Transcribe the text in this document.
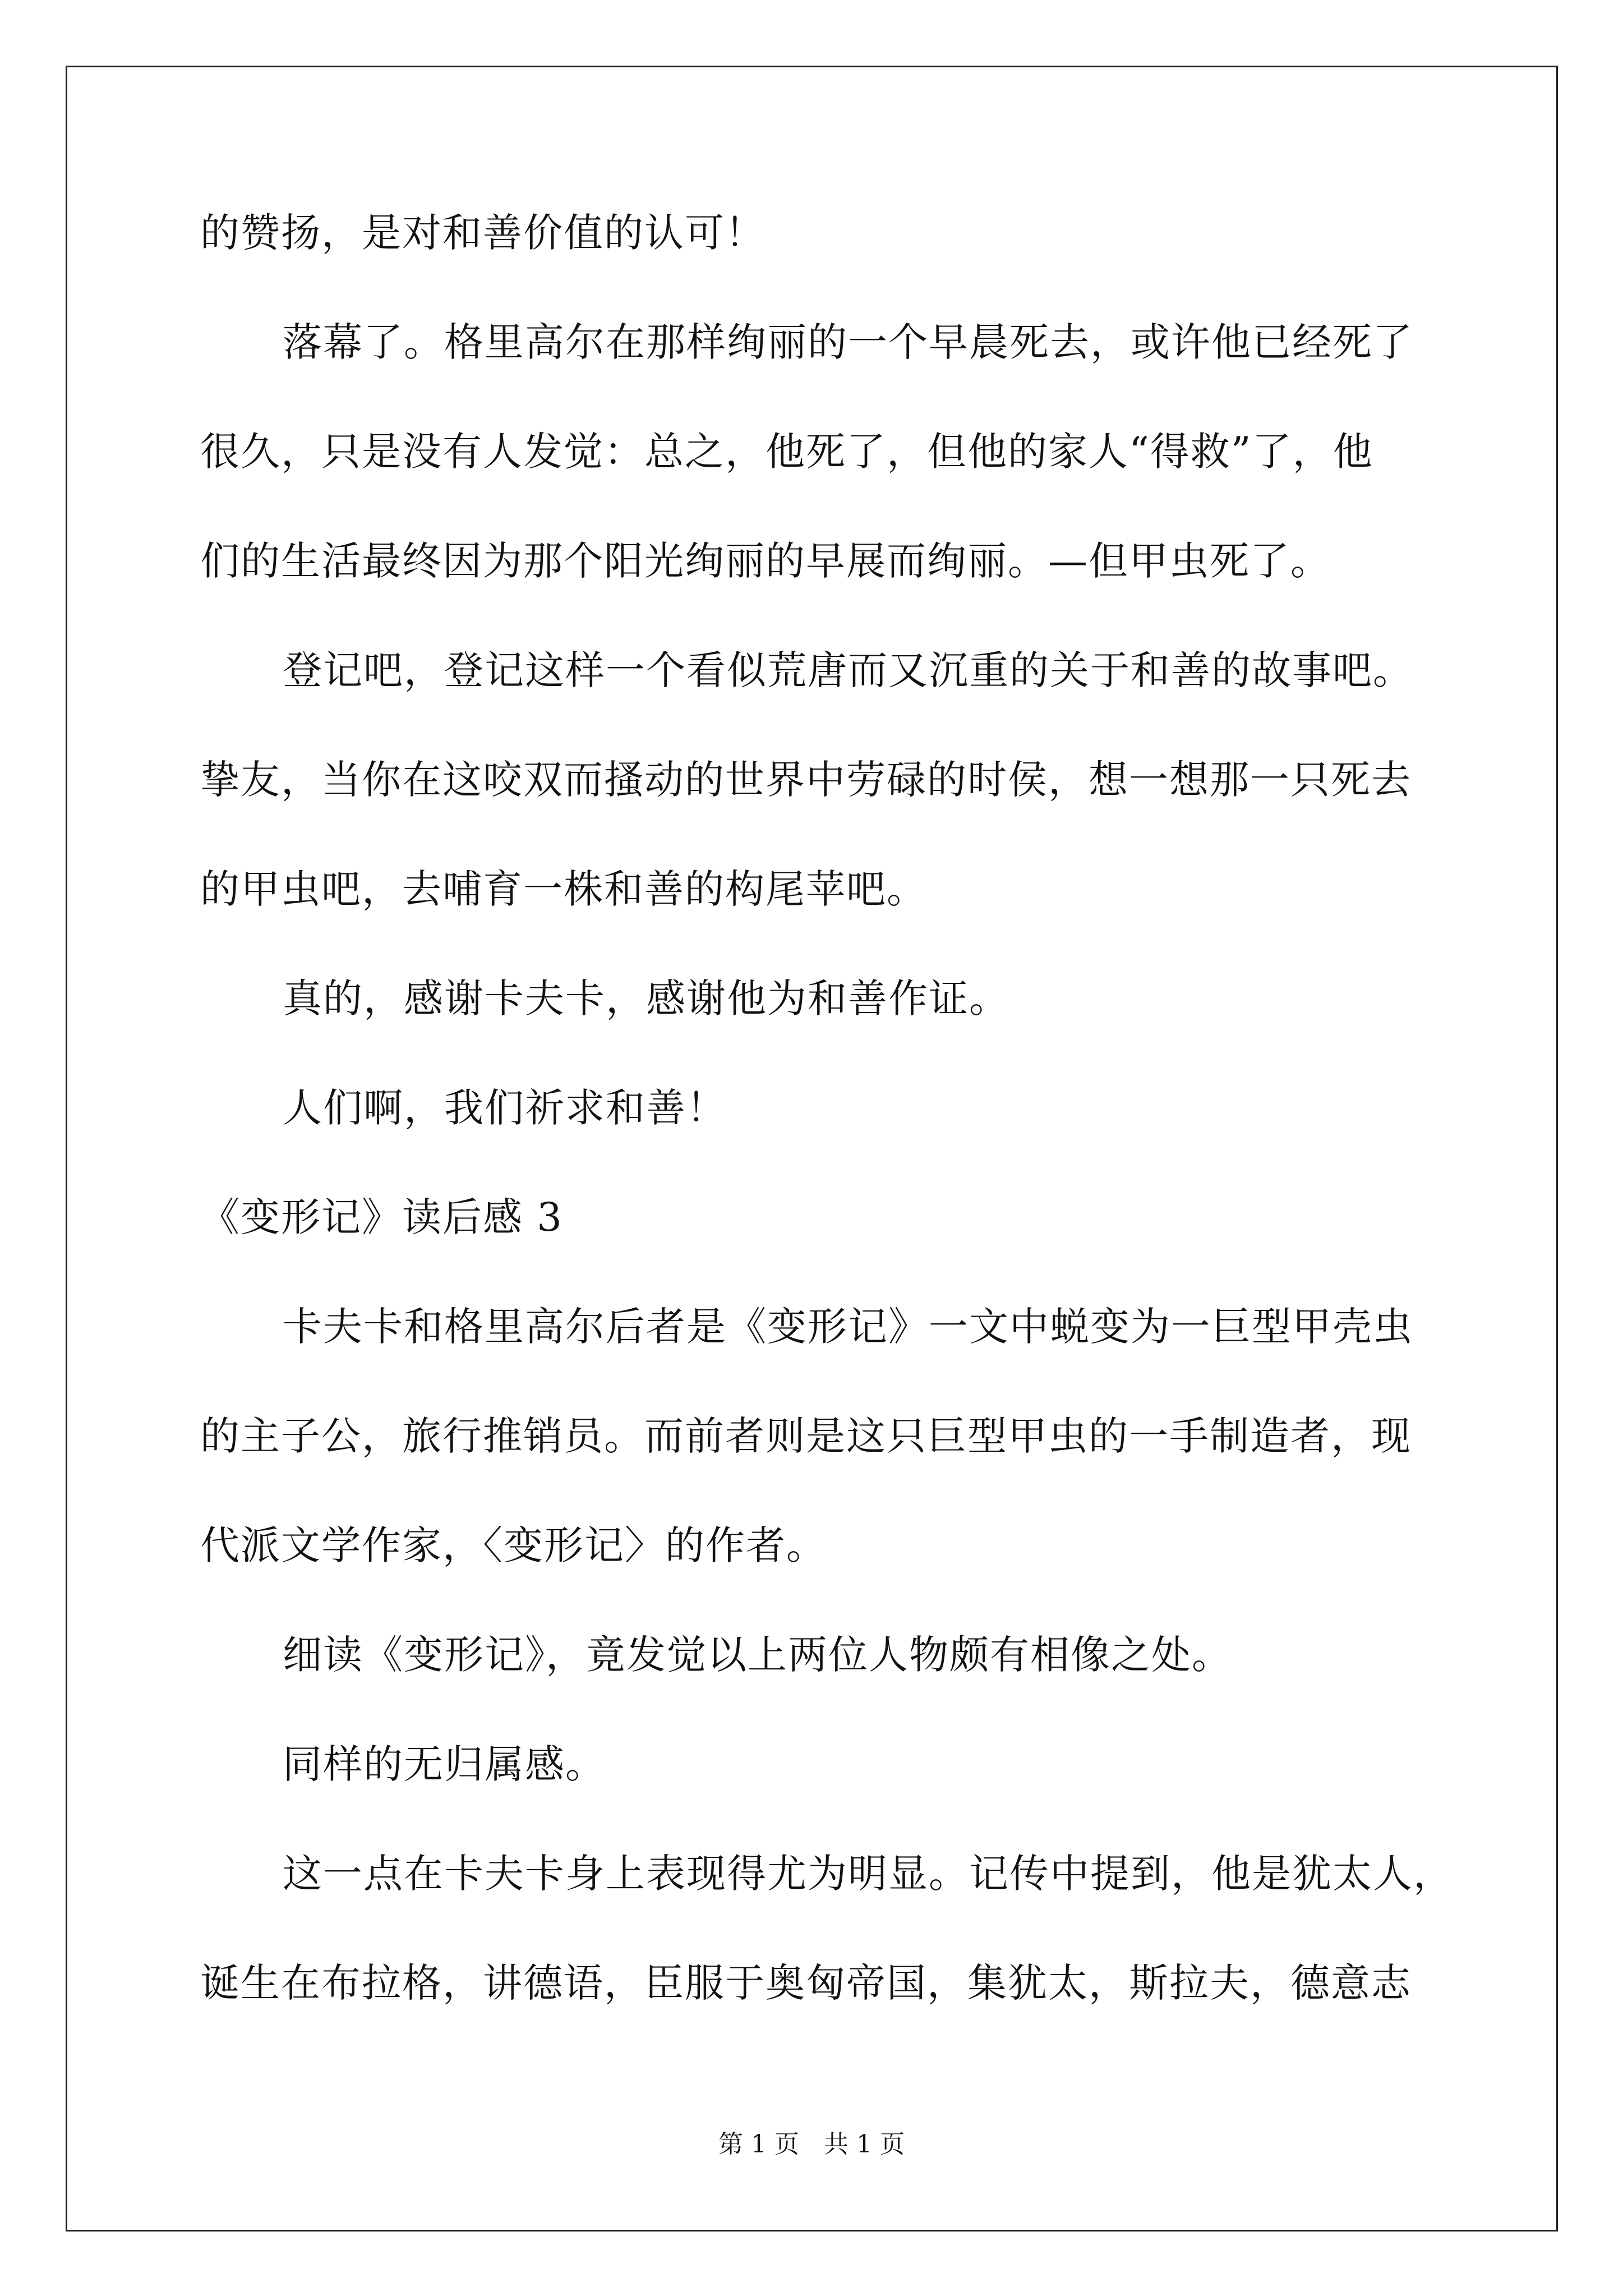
的赞扬，是对和善价值的认可！
落幕了。格里高尔在那样绚丽的一个早晨死去，或许他已经死了
很久，只是没有人发觉：总之，他死了，但他的家人“得救”了，他
们的生活最终因为那个阳光绚丽的早展而绚丽。—但甲虫死了。
登记吧，登记这样一个看似荒唐而又沉重的关于和善的故事吧。
挚友，当你在这咬双而搔动的世界中劳碌的时侯，想一想那一只死去
的甲虫吧，去哺育一株和善的构尾苹吧。
真的，感谢卡夫卡，感谢他为和善作证。
人们啊，我们祈求和善！
《变形记》读后感 3
卡夫卡和格里高尔后者是《变形记》一文中蜕变为一巨型甲壳虫
的主子公，旅行推销员。而前者则是这只巨型甲虫的一手制造者，现
代派文学作家，〈变形记〉的作者。
细读《变形记》，竟发觉以上两位人物颇有相像之处。
同样的无归属感。
这一点在卡夫卡身上表现得尤为明显。记传中提到，他是犹太人，
诞生在布拉格，讲德语，臣服于奥匈帝国，集犹太，斯拉夫，德意志
第 1 页　共 1 页
